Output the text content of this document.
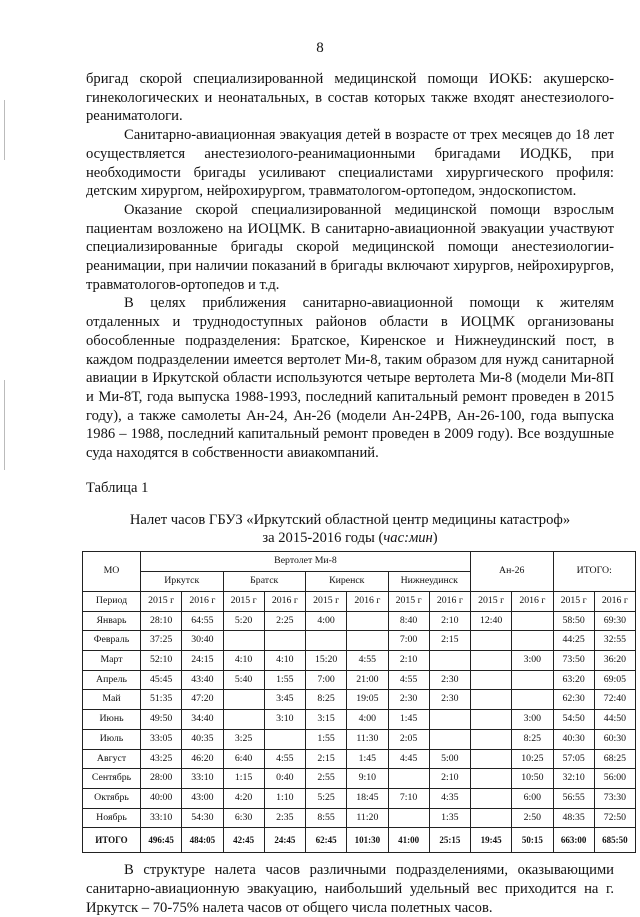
8

бригад скорой специализированной медицинской помощи ИОКБ: акушерско-гинекологических и неонатальных, в состав которых также входят анестезиолого-реаниматологи.

Санитарно-авиационная эвакуация детей в возрасте от трех месяцев до 18 лет осуществляется анестезиолого-реанимационными бригадами ИОДКБ, при необходимости бригады усиливают специалистами хирургического профиля: детским хирургом, нейрохирургом, травматологом-ортопедом, эндоскопистом.

Оказание скорой специализированной медицинской помощи взрослым пациентам возложено на ИОЦМК. В санитарно-авиационной эвакуации участвуют специализированные бригады скорой медицинской помощи анестезиологии-реанимации, при наличии показаний в бригады включают хирургов, нейрохирургов, травматологов-ортопедов и т.д.

В целях приближения санитарно-авиационной помощи к жителям отдаленных и труднодоступных районов области в ИОЦМК организованы обособленные подразделения: Братское, Киренское и Нижнеудинский пост, в каждом подразделении имеется вертолет Ми-8, таким образом для нужд санитарной авиации в Иркутской области используются четыре вертолета Ми-8 (модели Ми-8П и Ми-8Т, года выпуска 1988-1993, последний капитальный ремонт проведен в 2015 году), а также самолеты Ан-24, Ан-26 (модели Ан-24РВ, Ан-26-100, года выпуска 1986 – 1988, последний капитальный ремонт проведен в 2009 году). Все воздушные суда находятся в собственности авиакомпаний.

Таблица 1

Налет часов ГБУЗ «Иркутский областной центр медицины катастроф»
за 2015-2016 годы (час:мин)

МО	Вертолет Ми-8								Ан-26		ИТОГО:	
	Иркутск		Братск		Киренск		Нижнеудинск					
Период	2015 г	2016 г	2015 г	2016 г	2015 г	2016 г	2015 г	2016 г	2015 г	2016 г	2015 г	2016 г
Январь	28:10	64:55	5:20	2:25	4:00		8:40	2:10	12:40		58:50	69:30
Февраль	37:25	30:40					7:00	2:15			44:25	32:55
Март	52:10	24:15	4:10	4:10	15:20	4:55	2:10			3:00	73:50	36:20
Апрель	45:45	43:40	5:40	1:55	7:00	21:00	4:55	2:30			63:20	69:05
Май	51:35	47:20		3:45	8:25	19:05	2:30	2:30			62:30	72:40
Июнь	49:50	34:40		3:10	3:15	4:00	1:45			3:00	54:50	44:50
Июль	33:05	40:35	3:25		1:55	11:30	2:05			8:25	40:30	60:30
Август	43:25	46:20	6:40	4:55	2:15	1:45	4:45	5:00		10:25	57:05	68:25
Сентябрь	28:00	33:10	1:15	0:40	2:55	9:10		2:10		10:50	32:10	56:00
Октябрь	40:00	43:00	4:20	1:10	5:25	18:45	7:10	4:35		6:00	56:55	73:30
Ноябрь	33:10	54:30	6:30	2:35	8:55	11:20		1:35		2:50	48:35	72:50
ИТОГО	496:45	484:05	42:45	24:45	62:45	101:30	41:00	25:15	19:45	50:15	663:00	685:50

В структуре налета часов различными подразделениями, оказывающими санитарно-авиационную эвакуацию, наибольший удельный вес приходится на г. Иркутск – 70-75% налета часов от общего числа полетных часов.
